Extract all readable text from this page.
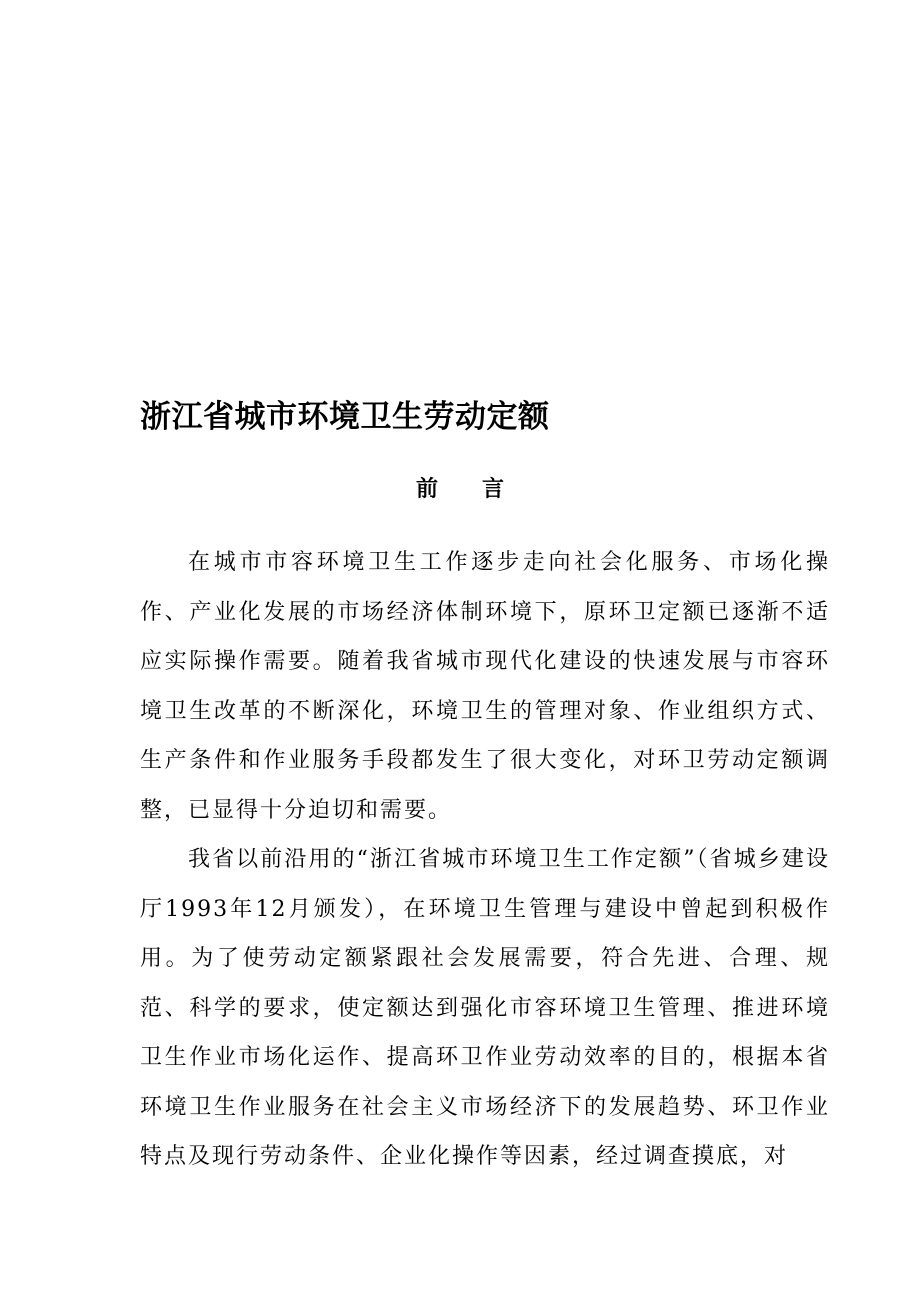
浙江省城市环境卫生劳动定额
前　　言

在城市市容环境卫生工作逐步走向社会化服务、市场化操作、产业化发展的市场经济体制环境下，原环卫定额已逐渐不适应实际操作需要。随着我省城市现代化建设的快速发展与市容环境卫生改革的不断深化，环境卫生的管理对象、作业组织方式、生产条件和作业服务手段都发生了很大变化，对环卫劳动定额调整，已显得十分迫切和需要。

我省以前沿用的“浙江省城市环境卫生工作定额”（省城乡建设厅1993年12月颁发），在环境卫生管理与建设中曾起到积极作用。为了使劳动定额紧跟社会发展需要，符合先进、合理、规范、科学的要求，使定额达到强化市容环境卫生管理、推进环境卫生作业市场化运作、提高环卫作业劳动效率的目的，根据本省环境卫生作业服务在社会主义市场经济下的发展趋势、环卫作业特点及现行劳动条件、企业化操作等因素，经过调查摸底，对
